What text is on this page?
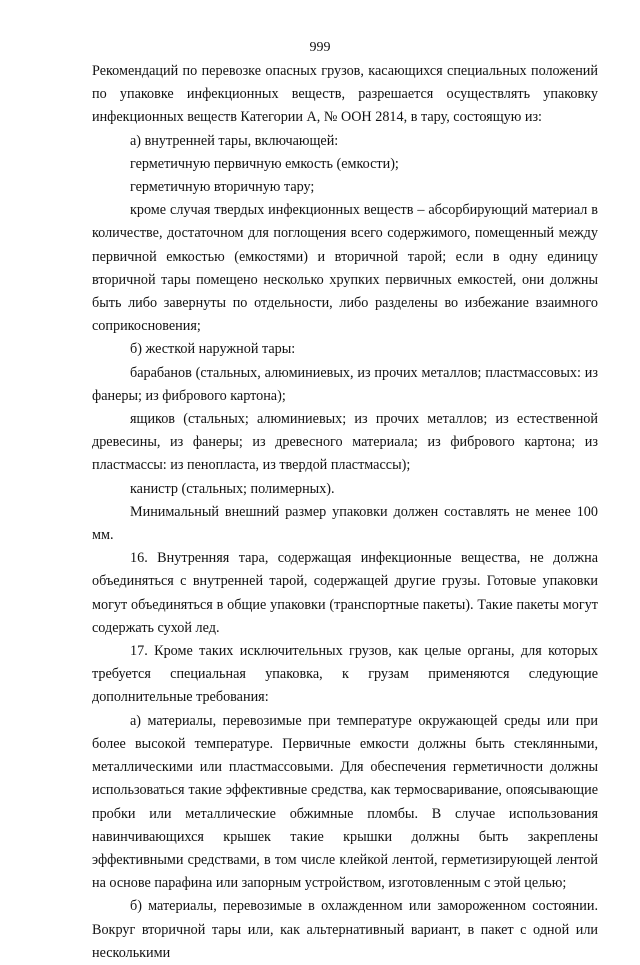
999

Рекомендаций по перевозке опасных грузов, касающихся специальных положений по упаковке инфекционных веществ, разрешается осуществлять упаковку инфекционных веществ Категории А, № ООН 2814, в тару, состоящую из:

а) внутренней тары, включающей:

герметичную первичную емкость (емкости);

герметичную вторичную тару;

кроме случая твердых инфекционных веществ – абсорбирующий материал в количестве, достаточном для поглощения всего содержимого, помещенный между первичной емкостью (емкостями) и вторичной тарой; если в одну единицу вторичной тары помещено несколько хрупких первичных емкостей, они должны быть либо завернуты по отдельности, либо разделены во избежание взаимного соприкосновения;

б) жесткой наружной тары:

барабанов (стальных, алюминиевых, из прочих металлов; пластмассовых: из фанеры; из фибрового картона);

ящиков (стальных; алюминиевых; из прочих металлов; из естественной древесины, из фанеры; из древесного материала; из фибрового картона; из пластмассы: из пенопласта, из твердой пластмассы);

канистр (стальных; полимерных).

Минимальный внешний размер упаковки должен составлять не менее 100 мм.

16. Внутренняя тара, содержащая инфекционные вещества, не должна объединяться с внутренней тарой, содержащей другие грузы. Готовые упаковки могут объединяться в общие упаковки (транспортные пакеты). Такие пакеты могут содержать сухой лед.

17. Кроме таких исключительных грузов, как целые органы, для которых требуется специальная упаковка, к грузам применяются следующие дополнительные требования:

а) материалы, перевозимые при температуре окружающей среды или при более высокой температуре. Первичные емкости должны быть стеклянными, металлическими или пластмассовыми. Для обеспечения герметичности должны использоваться такие эффективные средства, как термосваривание, опоясывающие пробки или металлические обжимные пломбы. В случае использования навинчивающихся крышек такие крышки должны быть закреплены эффективными средствами, в том числе клейкой лентой, герметизирующей лентой на основе парафина или запорным устройством, изготовленным с этой целью;

б) материалы, перевозимые в охлажденном или замороженном состоянии. Вокруг вторичной тары или, как альтернативный вариант, в пакет с одной или несколькими
